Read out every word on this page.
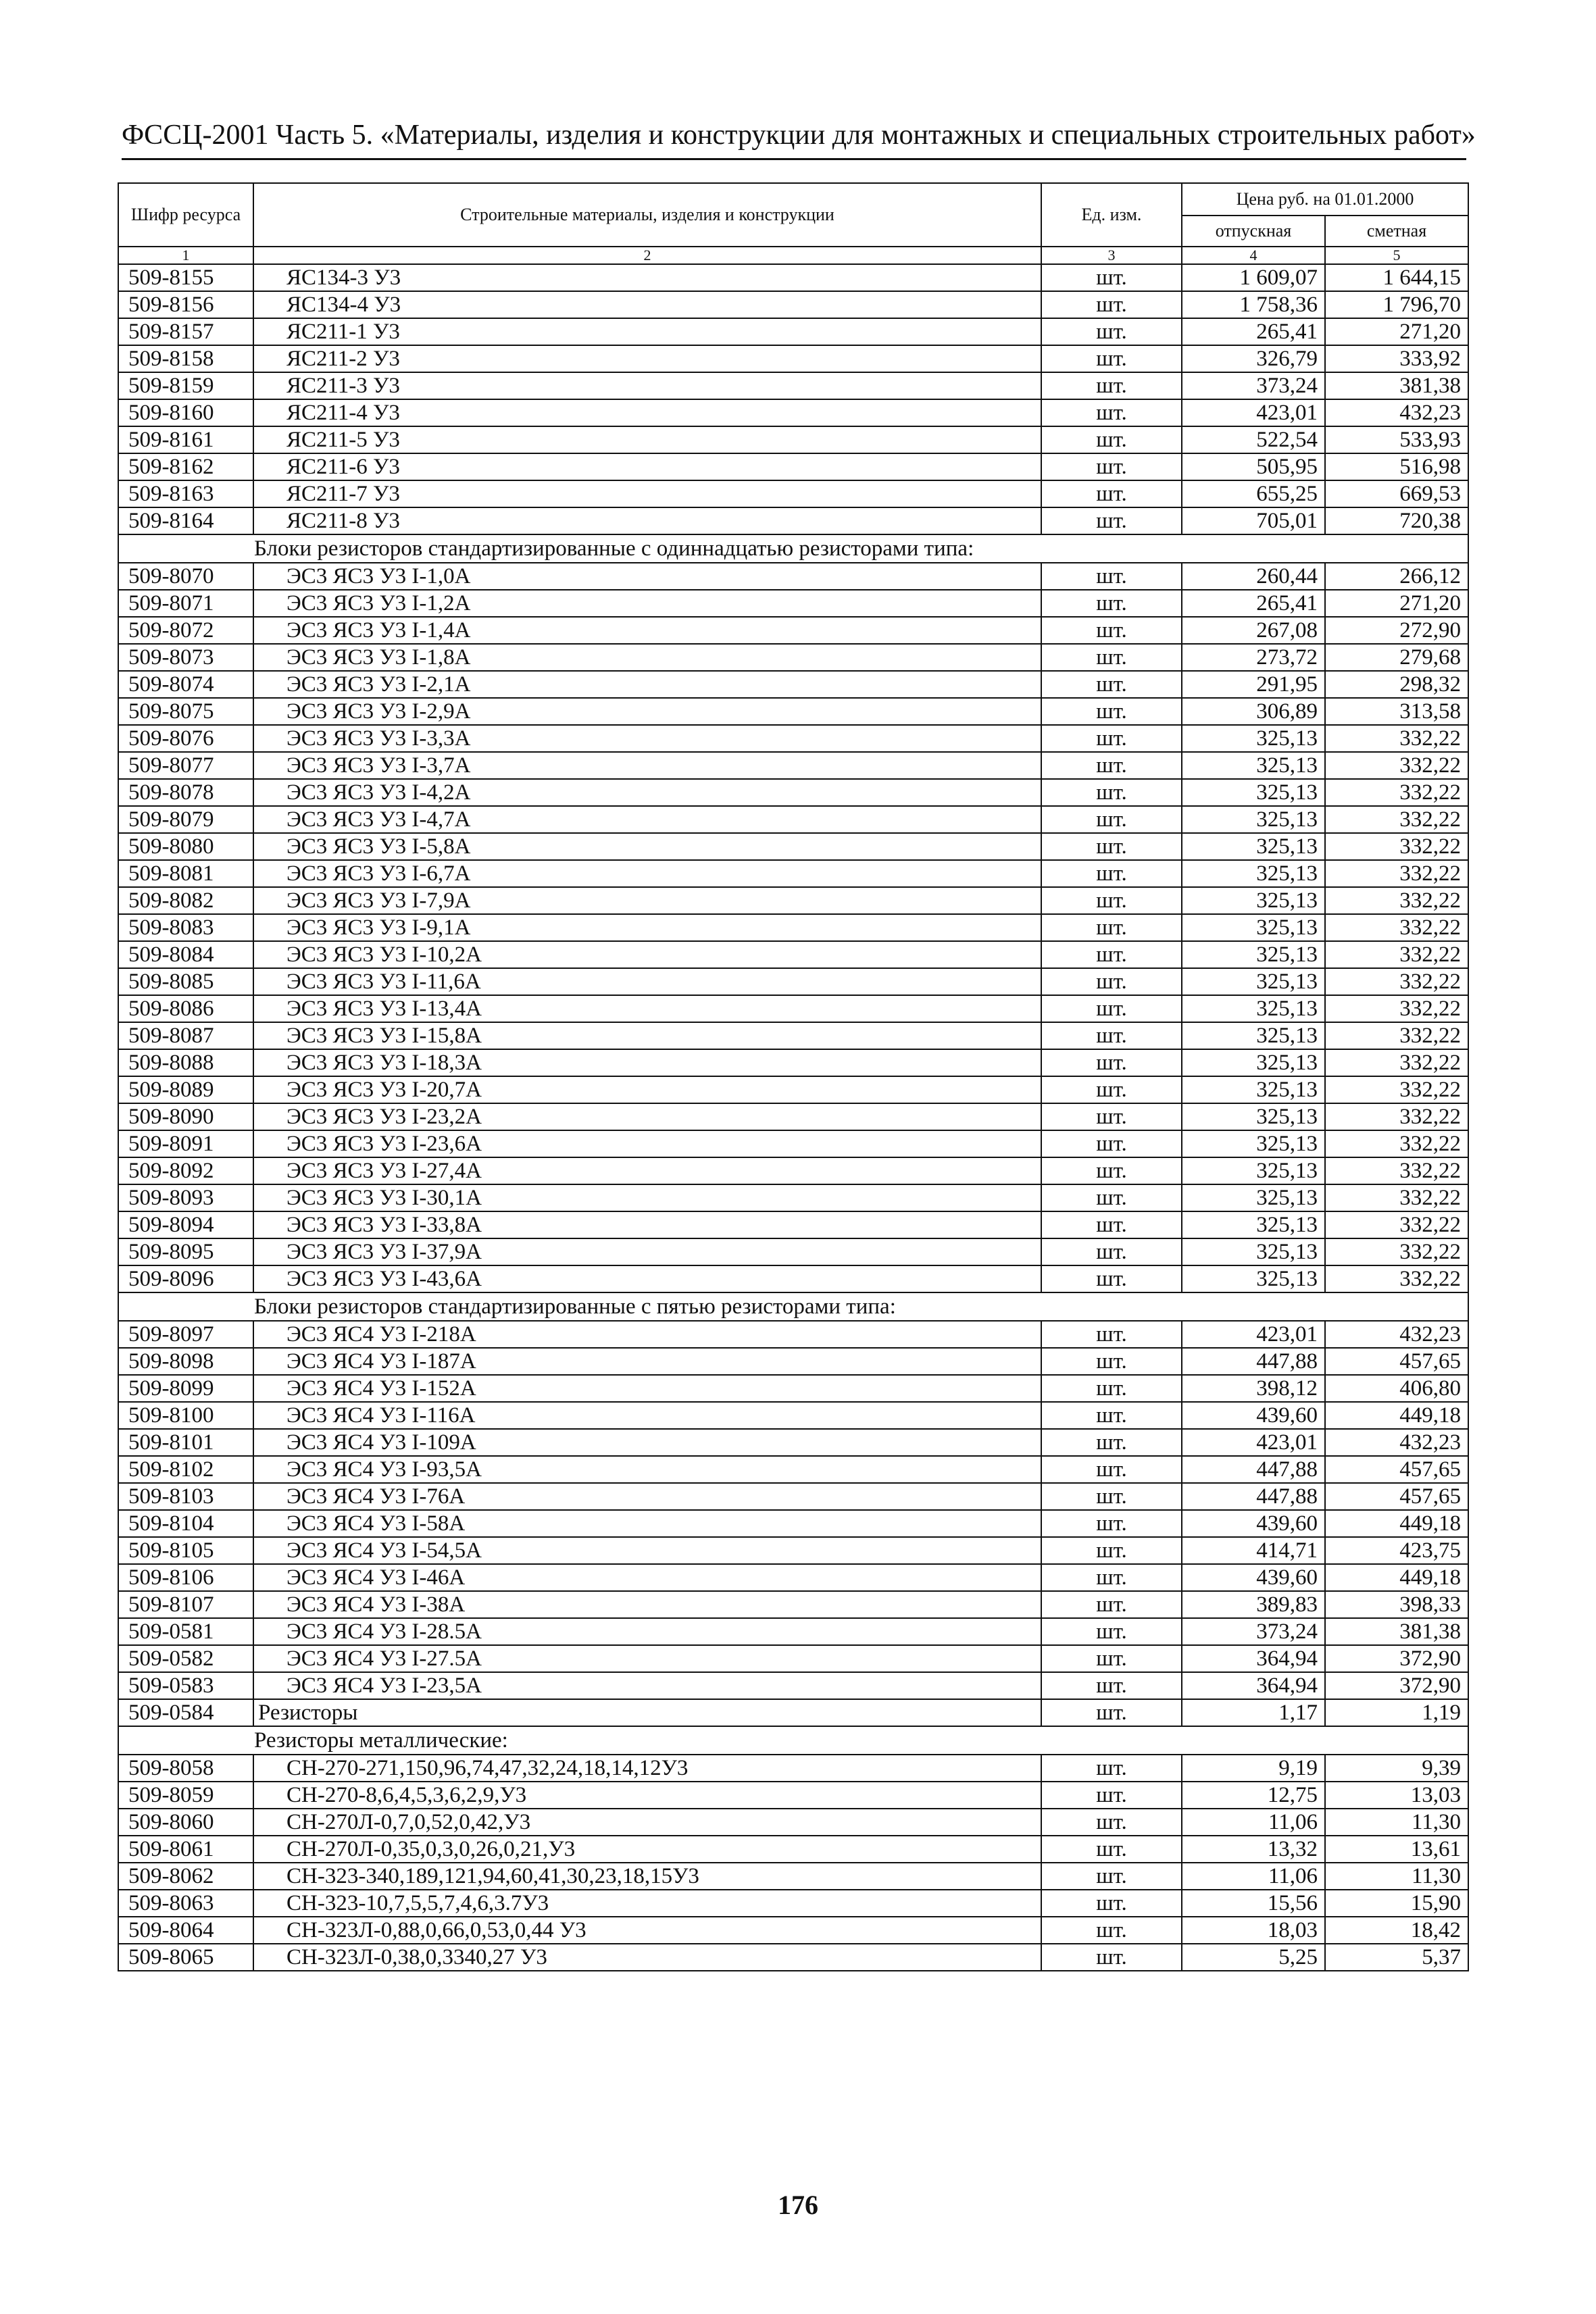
ФССЦ-2001 Часть 5. «Материалы, изделия и конструкции для монтажных и специальных строительных работ»
Шифр ресурса	Строительные материалы, изделия и конструкции	Ед. изм.	Цена руб. на 01.01.2000	
			отпускная	сметная
1	2	3	4	5
509-8155	ЯС134-3 У3	шт.	1 609,07	1 644,15
509-8156	ЯС134-4 У3	шт.	1 758,36	1 796,70
509-8157	ЯС211-1 У3	шт.	265,41	271,20
509-8158	ЯС211-2 У3	шт.	326,79	333,92
509-8159	ЯС211-3 У3	шт.	373,24	381,38
509-8160	ЯС211-4 У3	шт.	423,01	432,23
509-8161	ЯС211-5 У3	шт.	522,54	533,93
509-8162	ЯС211-6 У3	шт.	505,95	516,98
509-8163	ЯС211-7 У3	шт.	655,25	669,53
509-8164	ЯС211-8 У3	шт.	705,01	720,38
Блоки резисторов стандартизированные с одиннадцатью резисторами типа:				
509-8070	ЭС3 ЯС3 У3 I-1,0А	шт.	260,44	266,12
509-8071	ЭС3 ЯС3 У3 I-1,2А	шт.	265,41	271,20
509-8072	ЭС3 ЯС3 У3 I-1,4А	шт.	267,08	272,90
509-8073	ЭС3 ЯС3 У3 I-1,8А	шт.	273,72	279,68
509-8074	ЭС3 ЯС3 У3 I-2,1А	шт.	291,95	298,32
509-8075	ЭС3 ЯС3 У3 I-2,9А	шт.	306,89	313,58
509-8076	ЭС3 ЯС3 У3 I-3,3А	шт.	325,13	332,22
509-8077	ЭС3 ЯС3 У3 I-3,7А	шт.	325,13	332,22
509-8078	ЭС3 ЯС3 У3 I-4,2А	шт.	325,13	332,22
509-8079	ЭС3 ЯС3 У3 I-4,7А	шт.	325,13	332,22
509-8080	ЭС3 ЯС3 У3 I-5,8А	шт.	325,13	332,22
509-8081	ЭС3 ЯС3 У3 I-6,7А	шт.	325,13	332,22
509-8082	ЭС3 ЯС3 У3 I-7,9А	шт.	325,13	332,22
509-8083	ЭС3 ЯС3 У3 I-9,1А	шт.	325,13	332,22
509-8084	ЭС3 ЯС3 У3 I-10,2А	шт.	325,13	332,22
509-8085	ЭС3 ЯС3 У3 I-11,6А	шт.	325,13	332,22
509-8086	ЭС3 ЯС3 У3 I-13,4А	шт.	325,13	332,22
509-8087	ЭС3 ЯС3 У3 I-15,8А	шт.	325,13	332,22
509-8088	ЭС3 ЯС3 У3 I-18,3А	шт.	325,13	332,22
509-8089	ЭС3 ЯС3 У3 I-20,7А	шт.	325,13	332,22
509-8090	ЭС3 ЯС3 У3 I-23,2А	шт.	325,13	332,22
509-8091	ЭС3 ЯС3 У3 I-23,6А	шт.	325,13	332,22
509-8092	ЭС3 ЯС3 У3 I-27,4А	шт.	325,13	332,22
509-8093	ЭС3 ЯС3 У3 I-30,1А	шт.	325,13	332,22
509-8094	ЭС3 ЯС3 У3 I-33,8А	шт.	325,13	332,22
509-8095	ЭС3 ЯС3 У3 I-37,9А	шт.	325,13	332,22
509-8096	ЭС3 ЯС3 У3 I-43,6А	шт.	325,13	332,22
Блоки резисторов стандартизированные с пятью резисторами типа:				
509-8097	ЭС3 ЯС4 У3 I-218А	шт.	423,01	432,23
509-8098	ЭС3 ЯС4 У3 I-187А	шт.	447,88	457,65
509-8099	ЭС3 ЯС4 У3 I-152А	шт.	398,12	406,80
509-8100	ЭС3 ЯС4 У3 I-116А	шт.	439,60	449,18
509-8101	ЭС3 ЯС4 У3 I-109А	шт.	423,01	432,23
509-8102	ЭС3 ЯС4 У3 I-93,5А	шт.	447,88	457,65
509-8103	ЭС3 ЯС4 У3 I-76А	шт.	447,88	457,65
509-8104	ЭС3 ЯС4 У3 I-58А	шт.	439,60	449,18
509-8105	ЭС3 ЯС4 У3 I-54,5А	шт.	414,71	423,75
509-8106	ЭС3 ЯС4 У3 I-46А	шт.	439,60	449,18
509-8107	ЭС3 ЯС4 У3 I-38А	шт.	389,83	398,33
509-0581	ЭС3 ЯС4 У3 I-28.5А	шт.	373,24	381,38
509-0582	ЭС3 ЯС4 У3 I-27.5А	шт.	364,94	372,90
509-0583	ЭС3 ЯС4 У3 I-23,5А	шт.	364,94	372,90
509-0584	Резисторы	шт.	1,17	1,19
Резисторы металлические:				
509-8058	СН-270-271,150,96,74,47,32,24,18,14,12У3	шт.	9,19	9,39
509-8059	СН-270-8,6,4,5,3,6,2,9,У3	шт.	12,75	13,03
509-8060	СН-270Л-0,7,0,52,0,42,У3	шт.	11,06	11,30
509-8061	СН-270Л-0,35,0,3,0,26,0,21,У3	шт.	13,32	13,61
509-8062	СН-323-340,189,121,94,60,41,30,23,18,15У3	шт.	11,06	11,30
509-8063	СН-323-10,7,5,5,7,4,6,3.7У3	шт.	15,56	15,90
509-8064	СН-323Л-0,88,0,66,0,53,0,44 У3	шт.	18,03	18,42
509-8065	СН-323Л-0,38,0,3340,27 У3	шт.	5,25	5,37
176
